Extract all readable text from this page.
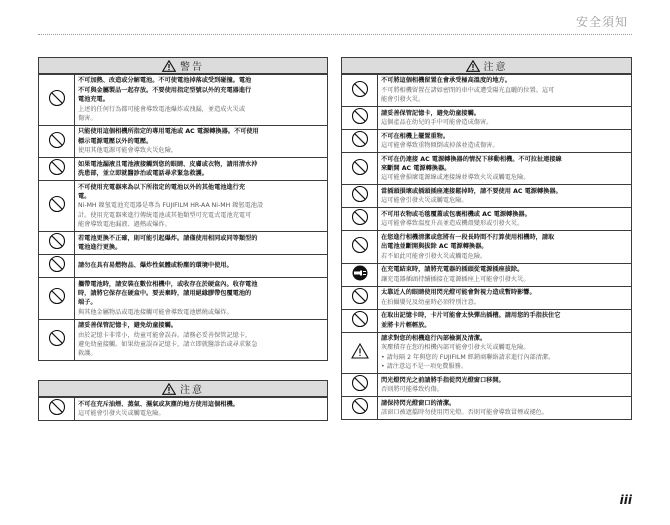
安全須知
警告

不可加熱、改造或分解電池。不可使電池掉落或受到碰撞。電池
不可與金屬製品一起存放。不要使用指定型號以外的充電器進行
電池充電。
上述的任何行為都可能會導致電池爆炸或洩漏，並造成火災或
傷害。

只能使用這個相機所指定的專用電池或 AC 電源轉換器。不可使用
標示電源電壓以外的電壓。
使用其他電源可能會導致火災危險。

如果電池漏液且電池液接觸到您的眼睛、皮膚或衣物，請用清水沖
洗患部，並立即就醫診治或電話尋求緊急救護。

不可使用充電器來為以下所指定的電池以外的其他電池進行充
電。
Ni-MH 鎳氫電池充電器是專為 FUJIFILM HR-AA Ni-MH 鎳氫電池設
計。使用充電器來進行傳統電池或其他類型可充電式電池充電可
能會導致電池漏液、過熱或爆炸。

若電池更換不正確，則可能引起爆炸。請僅使用相同或同等類型的
電池進行更換。

請勿在具有易燃物品、爆炸性氣體或粉塵的環境中使用。

攜帶電池時，請安裝在數位相機中，或收存在於硬盒內。收存電池
時，請將它保存在硬盒中。要丟棄時，請用絕緣膠帶包覆電池的
端子。
與其他金屬物品或電池接觸可能會導致電池燃燒或爆炸。

請妥善保管記憶卡，避免幼童接觸。
由於記憶卡非常小，幼童可能會誤吞。請務必妥善保管記憶卡，
避免幼童接觸。如果幼童誤吞記憶卡，請立即就醫診治或尋求緊急
救護。
注意

不可在充斥油煙、蒸氣、濕氣或灰塵的地方使用這個相機。
這可能會引發火災或觸電危險。
注意

不可將這個相機留置在會承受極高溫度的地方。
不可將相機留置在諸如密閉的車中或遭受陽光直曬的位置。這可
能會引發火災。

請妥善保管記憶卡，避免幼童接觸。
這個產品在幼兒的手中可能會造成傷害。

不可在相機上擺置重物。
這可能會導致重物傾倒或掉落並造成傷害。

不可在仍連接 AC 電源轉換器的情況下移動相機。不可拉扯連接線
來斷開 AC 電源轉換器。
這可能會損壞電源線或連接線並導致火災或觸電危險。

當插頭損壞或插頭插座連接鬆掉時，請不要使用 AC 電源轉換器。
這可能會引發火災或觸電危險。

不可用衣物或毛毯覆蓋或包裹相機或 AC 電源轉換器。
這可能會導致溫度升高並造成機殼變形或引發火災。

在您進行相機清潔或您將有一段長時間不打算使用相機時，請取
出電池並斷開與拔除 AC 電源轉換器。
若不如此可能會引發火災或觸電危險。

在充電結束時，請將充電器的插頭從電源插座拔除。
讓充電器插頭持續插接在電源插座上可能會引發火災。

太靠近人的眼睛使用閃光燈可能會對視力造成暫時影響。
在拍攝嬰兒及幼童時必須特別注意。

在取出記憶卡時，卡片可能會太快彈出插槽。請用您的手指扶住它
並將卡片輕輕放。

請求對您的相機進行內部檢測及清潔。
灰塵積存在您的相機內部可能會引發火災或觸電危險。
• 請每隔 2 年與您的 FUJIFILM 經銷商聯絡請求進行內部清潔。
• 請注意這不是一項免費服務。

閃光燈閃光之前請將手指從閃光燈窗口移開。
否則將可能導致灼傷。

請保持閃光燈窗口的清潔。
該窗口被遮擋時勿使用閃光燈。否則可能會導致冒煙或褪色。
iii
